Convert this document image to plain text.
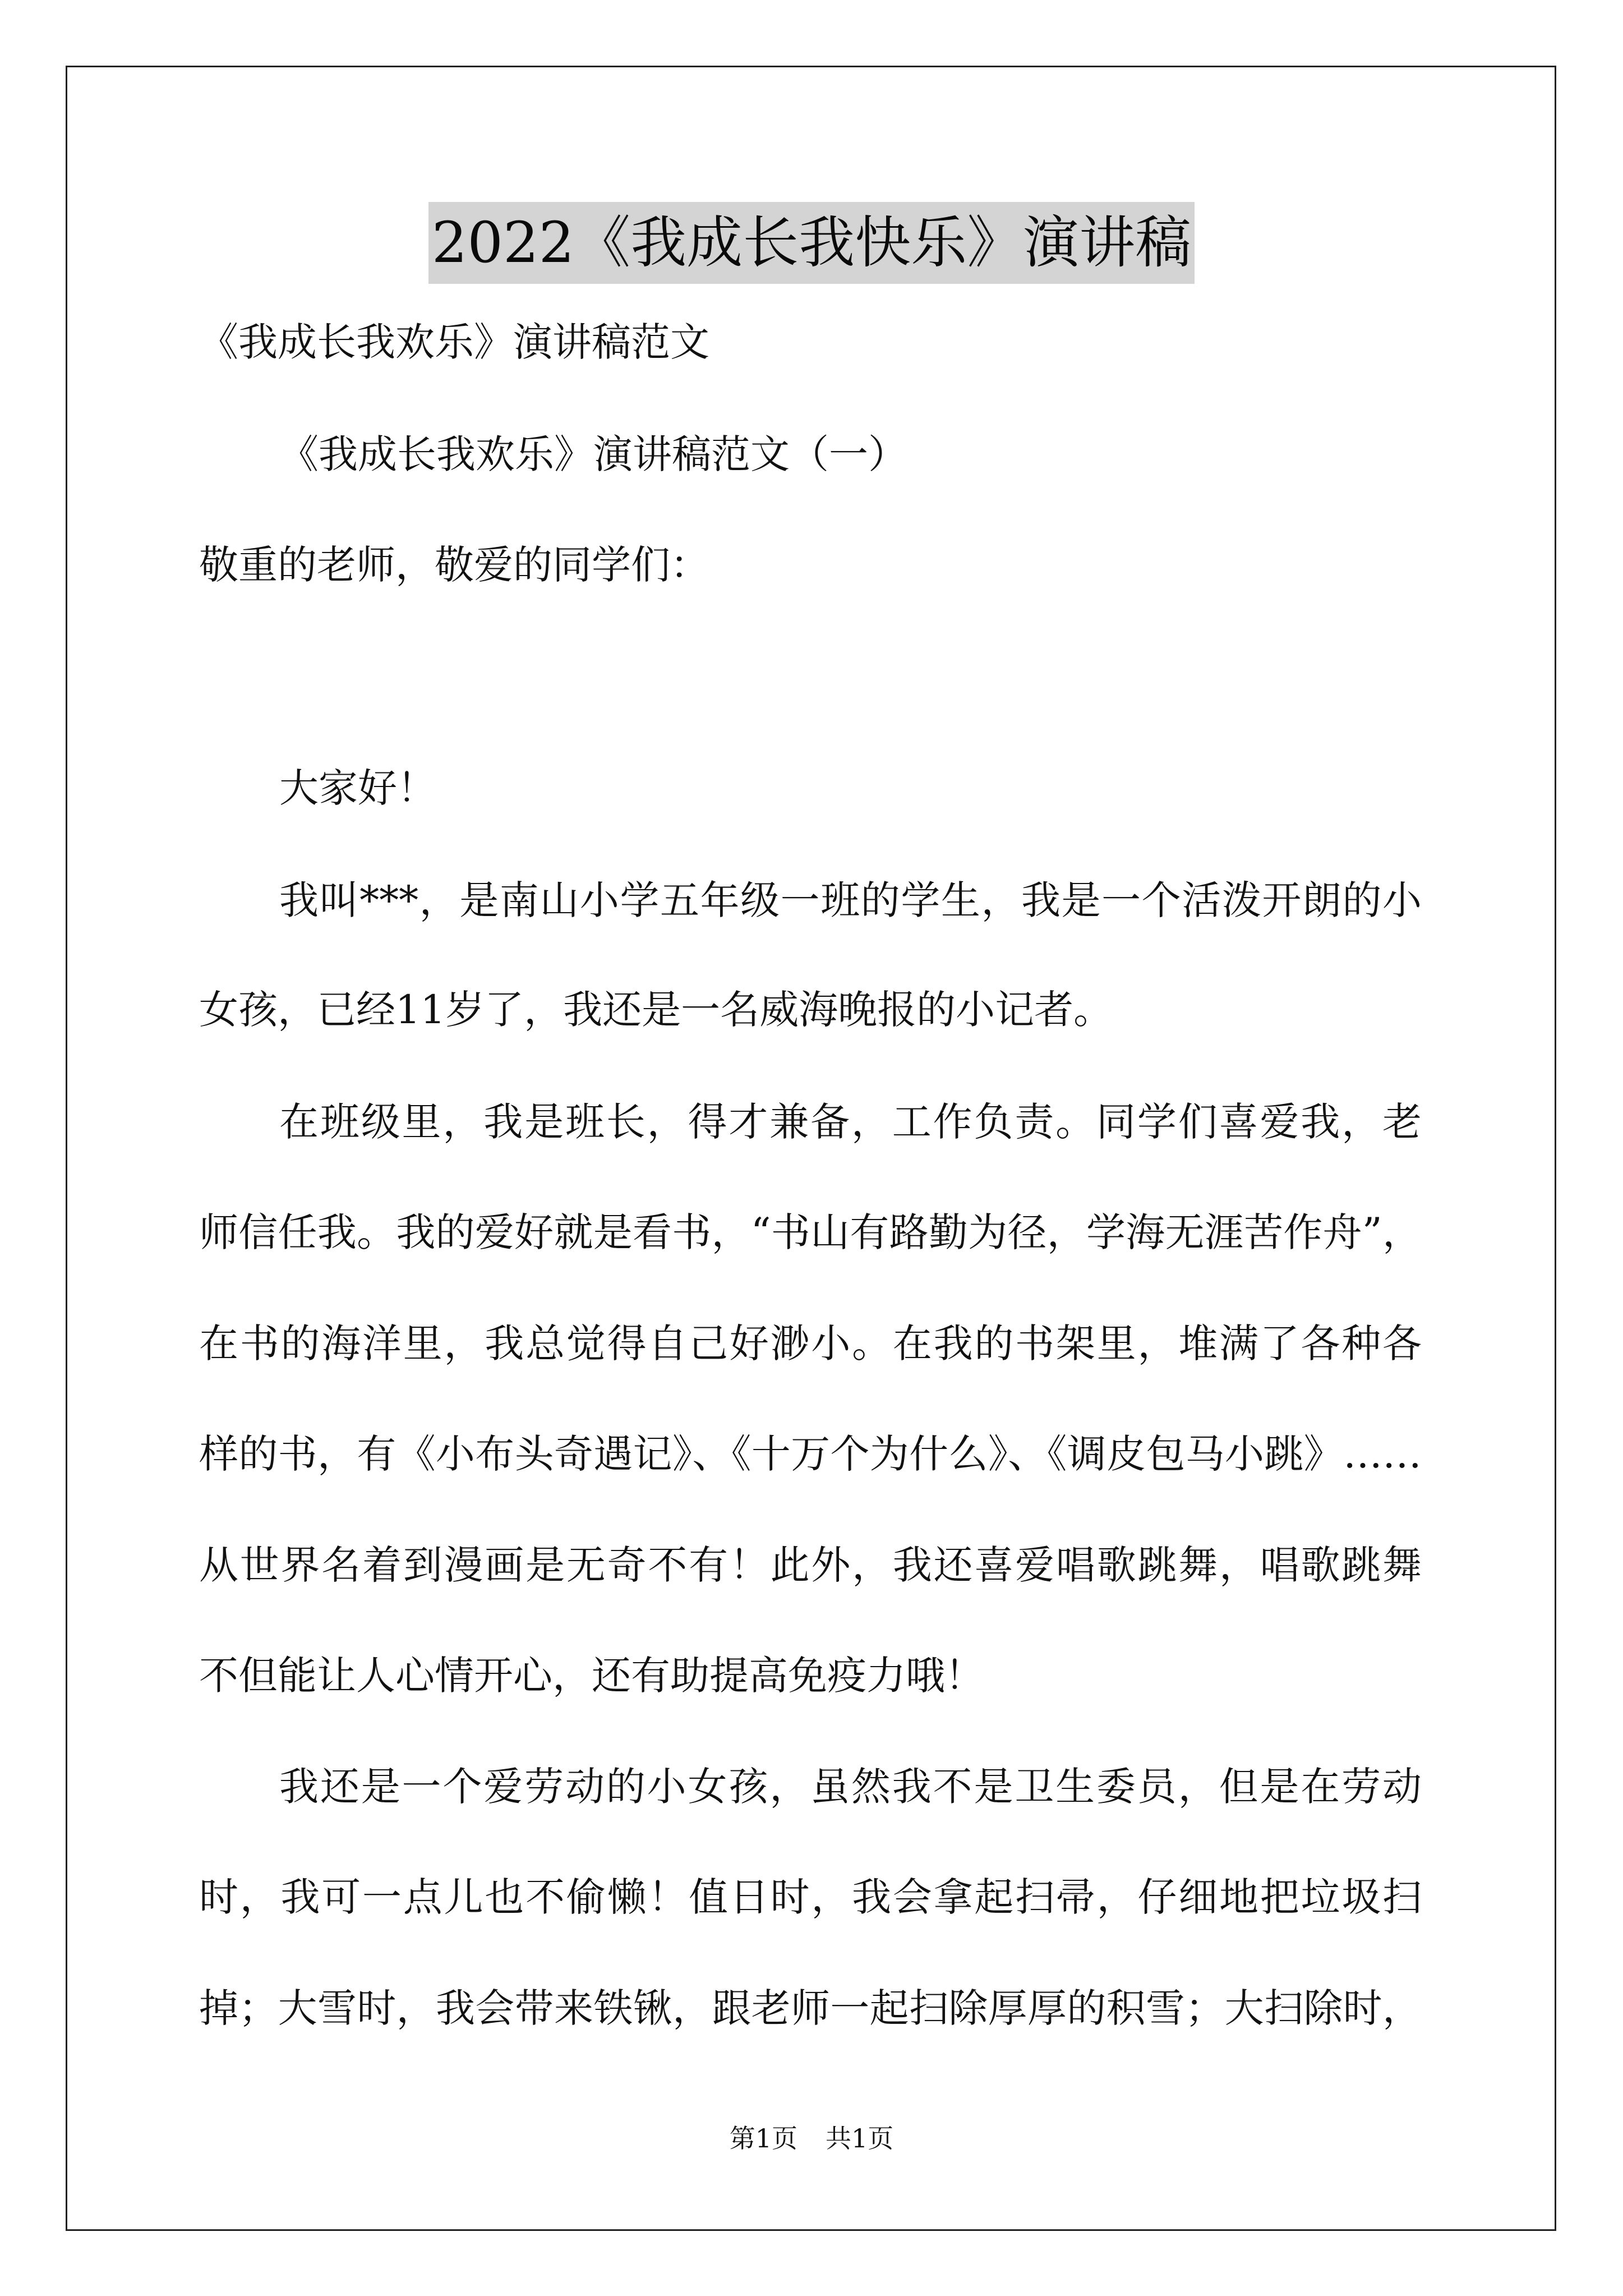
2022《我成长我快乐》演讲稿
《我成长我欢乐》演讲稿范文
《我成长我欢乐》演讲稿范文（一）
敬重的老师，敬爱的同学们：
大家好！
我叫***，是南山小学五年级一班的学生，我是一个活泼开朗的小
女孩，已经11岁了，我还是一名威海晚报的小记者。
在班级里，我是班长，得才兼备，工作负责。同学们喜爱我，老
师信任我。我的爱好就是看书，“书山有路勤为径，学海无涯苦作舟”，
在书的海洋里，我总觉得自己好渺小。在我的书架里，堆满了各种各
样的书，有《小布头奇遇记》、《十万个为什么》、《调皮包马小跳》……
从世界名着到漫画是无奇不有！此外，我还喜爱唱歌跳舞，唱歌跳舞
不但能让人心情开心，还有助提高免疫力哦！
我还是一个爱劳动的小女孩，虽然我不是卫生委员，但是在劳动
时，我可一点儿也不偷懒！值日时，我会拿起扫帚，仔细地把垃圾扫
掉；大雪时，我会带来铁锹，跟老师一起扫除厚厚的积雪；大扫除时，
第1页 共1页
